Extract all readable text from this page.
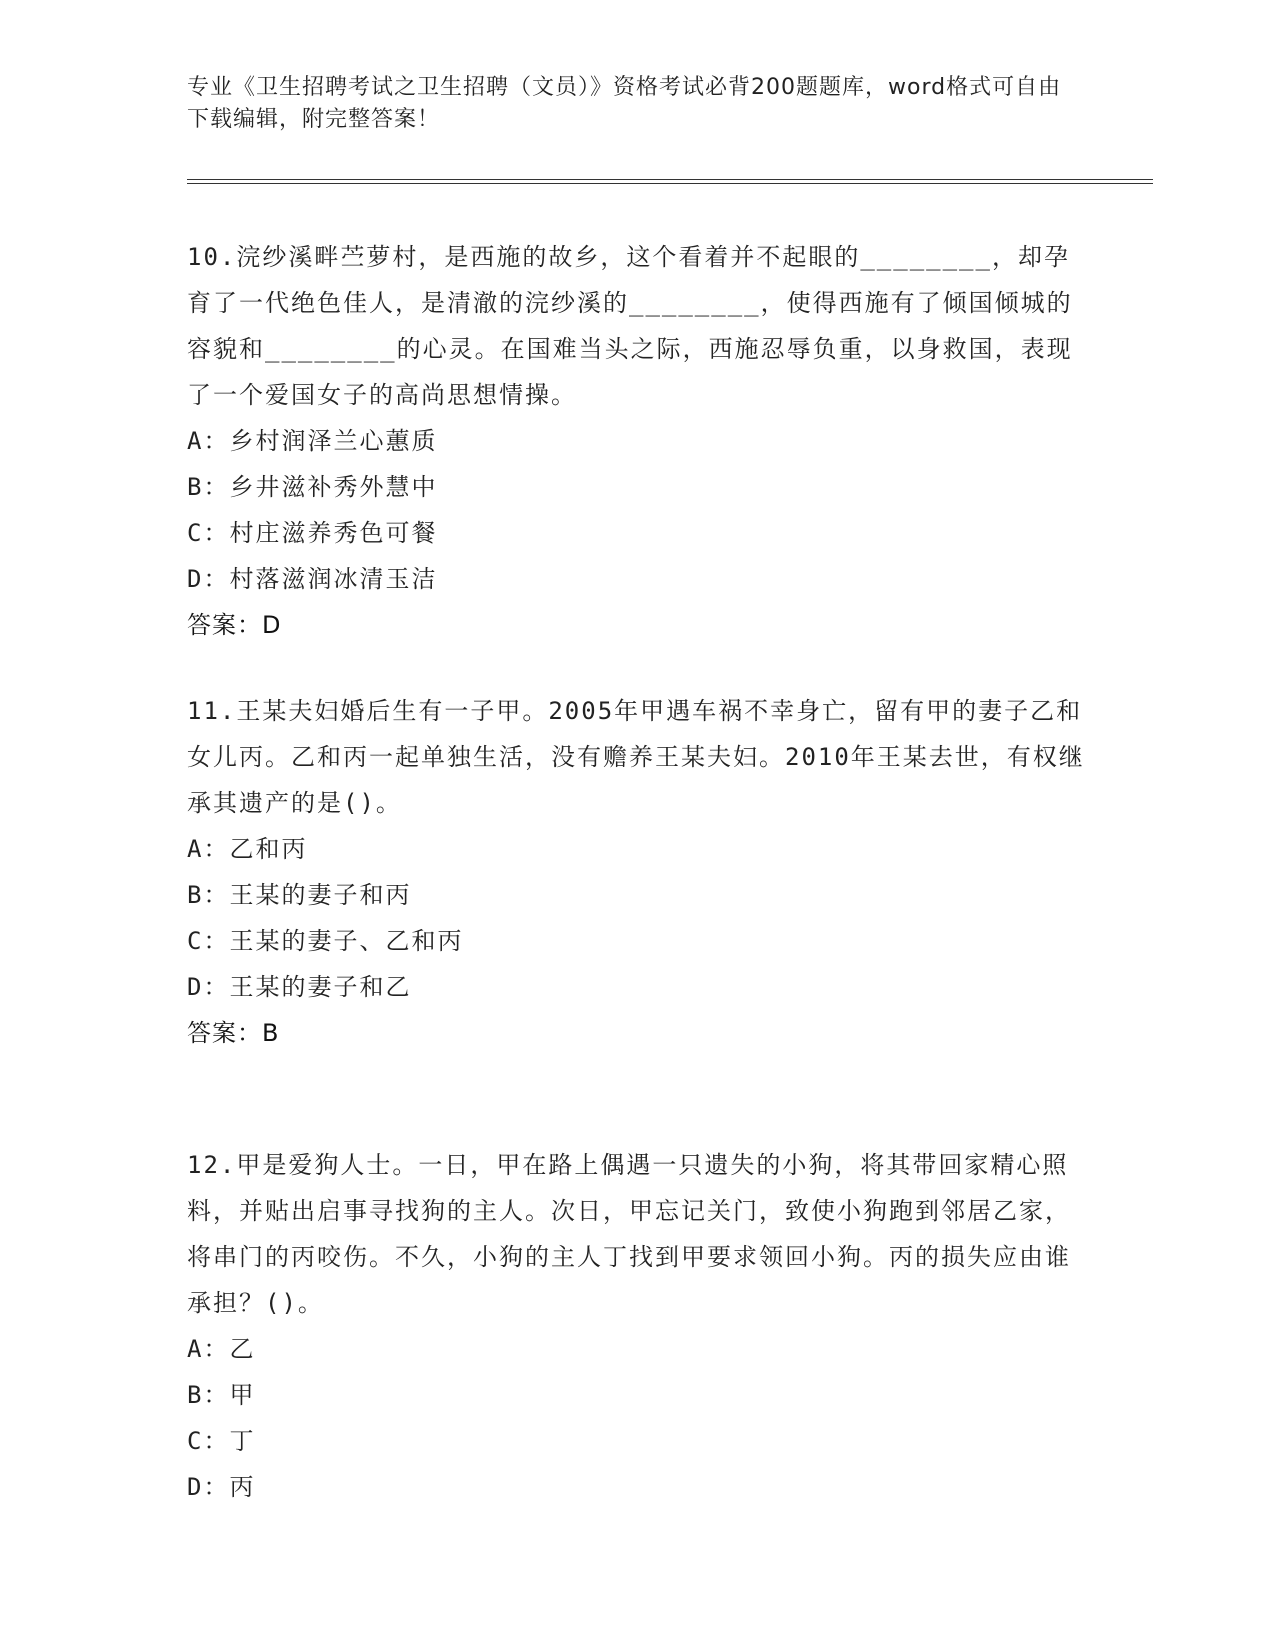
专业《卫生招聘考试之卫生招聘（文员）》资格考试必背200题题库，word格式可自由下载编辑，附完整答案！
10.浣纱溪畔苎萝村，是西施的故乡，这个看着并不起眼的________，却孕育了一代绝色佳人，是清澈的浣纱溪的________，使得西施有了倾国倾城的容貌和________的心灵。在国难当头之际，西施忍辱负重，以身救国，表现了一个爱国女子的高尚思想情操。
A：乡村润泽兰心蕙质
B：乡井滋补秀外慧中
C：村庄滋养秀色可餐
D：村落滋润冰清玉洁
答案：D
11.王某夫妇婚后生有一子甲。2005年甲遇车祸不幸身亡，留有甲的妻子乙和女儿丙。乙和丙一起单独生活，没有赡养王某夫妇。2010年王某去世，有权继承其遗产的是()。
A：乙和丙
B：王某的妻子和丙
C：王某的妻子、乙和丙
D：王某的妻子和乙
答案：B
12.甲是爱狗人士。一日，甲在路上偶遇一只遗失的小狗，将其带回家精心照料，并贴出启事寻找狗的主人。次日，甲忘记关门，致使小狗跑到邻居乙家，将串门的丙咬伤。不久，小狗的主人丁找到甲要求领回小狗。丙的损失应由谁承担？()。
A：乙
B：甲
C：丁
D：丙
